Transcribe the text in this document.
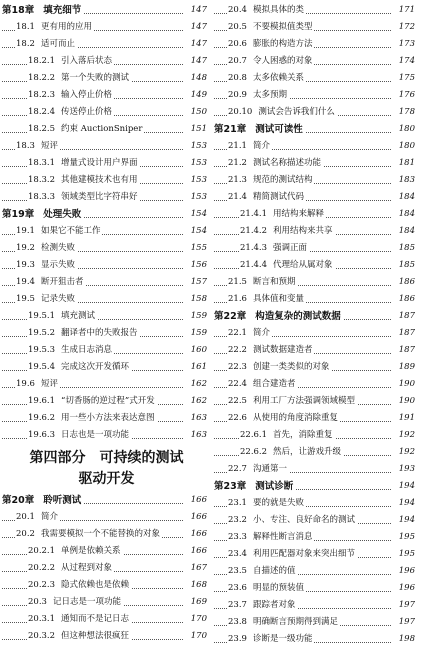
第18章 填充细节	147
18.1 更有用的应用	147
18.2 适可而止	147
18.2.1 引入落后状态	147
18.2.2 第一个失败的测试	148
18.2.3 输入停止价格	149
18.2.4 传送停止价格	150
18.2.5 约束 AuctionSniper	151
18.3 短评	153
18.3.1 增量式设计用户界面	153
18.3.2 其他建模技术也有用	153
18.3.3 领域类型比字符串好	153
第19章 处理失败	154
19.1 如果它不能工作	154
19.2 检测失败	155
19.3 显示失败	156
19.4 断开狙击者	157
19.5 记录失败	158
19.5.1 填充测试	159
19.5.2 翻译者中的失败报告	159
19.5.3 生成日志消息	160
19.5.4 完成这次开发循环	161
19.6 短评	162
19.6.1 “切香肠的逆过程”式开发	162
19.6.2 用一些小方法来表达意图	163
19.6.3 日志也是一项功能	163
第四部分　可持续的测试
驱动开发
第20章 聆听测试	166
20.1 简介	166
20.2 我需要模拟一个不能替换的对象	166
20.2.1 单例是依赖关系	166
20.2.2 从过程到对象	167
20.2.3 隐式依赖也是依赖	168
20.3 记日志是一项功能	169
20.3.1 通知而不是记日志	170
20.3.2 但这种想法很疯狂	170
20.4 模拟具体的类	171
20.5 不要模拟值类型	172
20.6 膨胀的构造方法	173
20.7 令人困惑的对象	174
20.8 太多依赖关系	175
20.9 太多预期	176
20.10 测试会告诉我们什么	178
第21章 测试可读性	180
21.1 简介	180
21.2 测试名称描述功能	181
21.3 规范的测试结构	183
21.4 精简测试代码	184
21.4.1 用结构来解释	184
21.4.2 利用结构来共享	184
21.4.3 强调正面	185
21.4.4 代理给从属对象	185
21.5 断言和预期	186
21.6 具体值和变量	186
第22章 构造复杂的测试数据	187
22.1 简介	187
22.2 测试数据建造者	187
22.3 创建一类类似的对象	189
22.4 组合建造者	190
22.5 利用工厂方法强调领域模型	190
22.6 从使用的角度消除重复	191
22.6.1 首先，消除重复	192
22.6.2 然后，让游戏升级	192
22.7 沟通第一	193
第23章 测试诊断	194
23.1 要的就是失败	194
23.2 小、专注、良好命名的测试	194
23.3 解释性断言消息	195
23.4 利用匹配器对象来突出细节	195
23.5 自描述的值	196
23.6 明显的预装值	196
23.7 跟踪者对象	197
23.8 明确断言预期得到满足	197
23.9 诊断是一级功能	198
